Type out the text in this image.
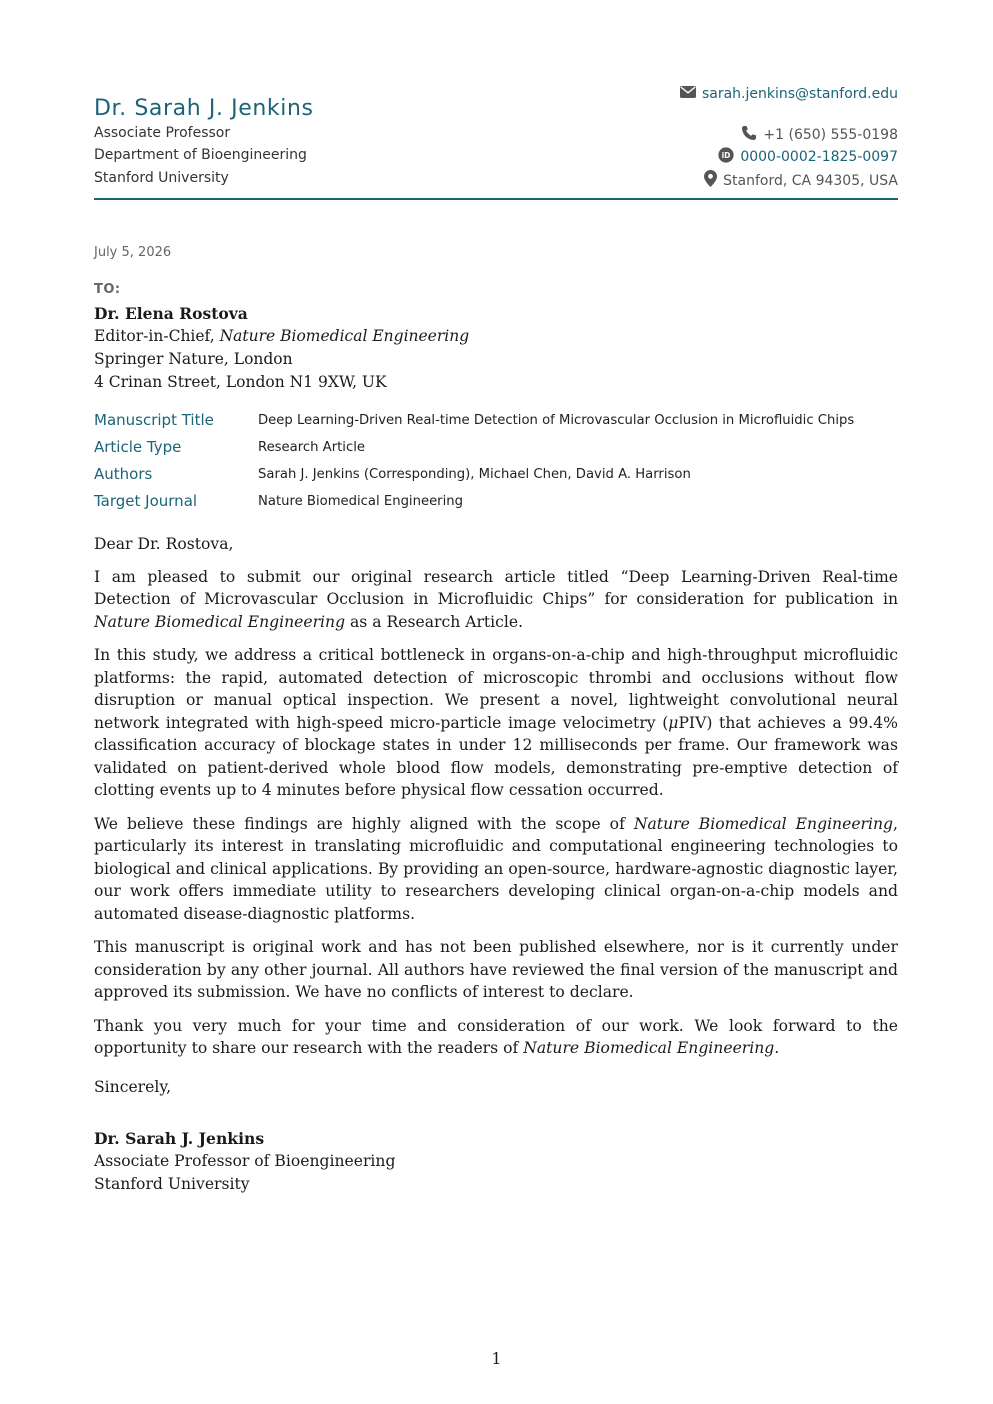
Dr. Sarah J. Jenkins
Associate Professor
Department of Bioengineering
Stanford University
sarah.jenkins@stanford.edu
+1 (650) 555-0198
iD 0000-0002-1825-0097
Stanford, CA 94305, USA
July 5, 2026
TO:
Dr. Elena Rostova
Editor-in-Chief, Nature Biomedical Engineering
Springer Nature, London
4 Crinan Street, London N1 9XW, UK
Manuscript Title	Deep Learning-Driven Real-time Detection of Microvascular Occlusion in Microfluidic Chips
Article Type	Research Article
Authors	Sarah J. Jenkins (Corresponding), Michael Chen, David A. Harrison
Target Journal	Nature Biomedical Engineering

Dear Dr. Rostova,

I am pleased to submit our original research article titled “Deep Learning-Driven Real-time Detection of Microvascular Occlusion in Microfluidic Chips” for consideration for publication in Nature Biomedical Engineering as a Research Article.

In this study, we address a critical bottleneck in organs-on-a-chip and high-throughput microfluidic platforms: the rapid, automated detection of microscopic thrombi and occlusions without flow disruption or manual optical inspection. We present a novel, lightweight convolutional neural network integrated with high-speed micro-particle image velocimetry (μPIV) that achieves a 99.4% classification accuracy of blockage states in under 12 milliseconds per frame. Our framework was validated on patient-derived whole blood flow models, demonstrating pre-emptive detection of clotting events up to 4 minutes before physical flow cessation occurred.

We believe these findings are highly aligned with the scope of Nature Biomedical Engineering, particularly its interest in translating microfluidic and computational engineering technologies to biological and clinical applications. By providing an open-source, hardware-agnostic diagnostic layer, our work offers immediate utility to researchers developing clinical organ-on-a-chip models and automated disease-diagnostic platforms.

This manuscript is original work and has not been published elsewhere, nor is it currently under consideration by any other journal. All authors have reviewed the final version of the manuscript and approved its submission. We have no conflicts of interest to declare.

Thank you very much for your time and consideration of our work. We look forward to the opportunity to share our research with the readers of Nature Biomedical Engineering.

Sincerely,
Dr. Sarah J. Jenkins
Associate Professor of Bioengineering
Stanford University
1
